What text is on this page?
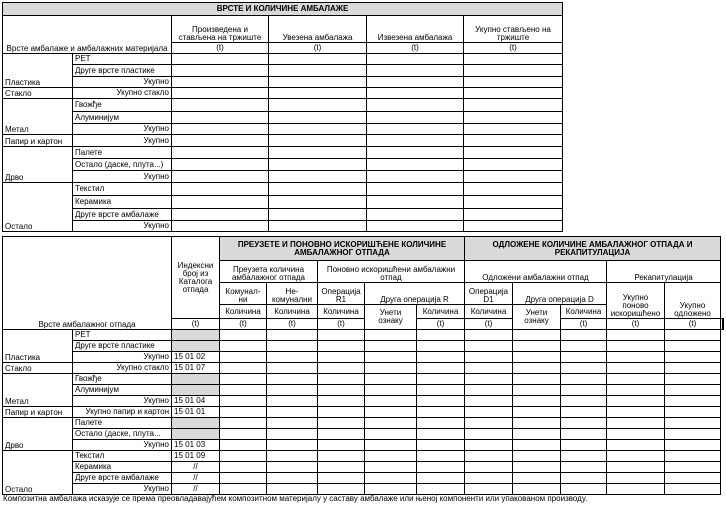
ВРСТЕ И КОЛИЧИНЕ АМБАЛАЖЕ					
Врсте амбалаже и амбалажних материјала		Произведена и стављена на тржиште	Увезена амбалажа	Извезена амбалажа	Укупно стављено на тржиште
		(t)	(t)	(t)	(t)
Пластика	PET				
	Друге врсте пластике				
	Укупно				
Стакло	Укупно стакло				
Метал	Гвожђе				
	Алуминијум				
	Укупно				
Папир и картон	Укупно				
Дрво	Палете				
	Остало (даске, плута...)				
	Укупно				
Остало	Текстил				
	Керамика				
	Друге врсте амбалаже				
	Укупно				
Врсте амбалажног отпада		Индексни број из Каталога отпада	ПРЕУЗЕТЕ И ПОНОВНО ИСКОРИШЋЕНЕ КОЛИЧИНЕ АМБАЛАЖНОГ ОТПАДА					ОДЛОЖЕНЕ КОЛИЧИНЕ АМБАЛАЖНОГ ОТПАДА И РЕКАПИТУЛАЦИЈА						
			Преузета количина амбалажног отпада		Поновно искоришћени амбалажни отпад			Одложени амбалажни отпад			Рекапитулација			
			Комунал-ни	Не-комунални	Операција R1	Друга операција R		Операција D1	Друга операција D		Укупно поново искоришћено	Укупно одложено		

			Количина	Количина	Количина	Унети ознаку	Количина	Количина	Унети ознаку	Количина				
		(t)	(t)	(t)	(t)		(t)	(t)		(t)	(t)	(t)		
Пластика	PET													
	Друге врсте пластике													
	Укупно	15 01 02												
Стакло	Укупно стакло	15 01 07												
Метал	Гвожђе													
	Алуминијум													
	Укупно	15 01 04												
Папир и картон	Укупно папир и картон	15 01 01												
Дрво	Палете													
	Остало (даске, плута...													
	Укупно	15 01 03												
Остало	Текстил	15 01 09												
	Керамика	//												
	Друге врсте амбалаже	//												
	Укупно	//												
Композитна амбалажа исказује се према преовладавајућем композитном материјалу у саставу амбалаже или њеној компоненти или упакованом производу.
